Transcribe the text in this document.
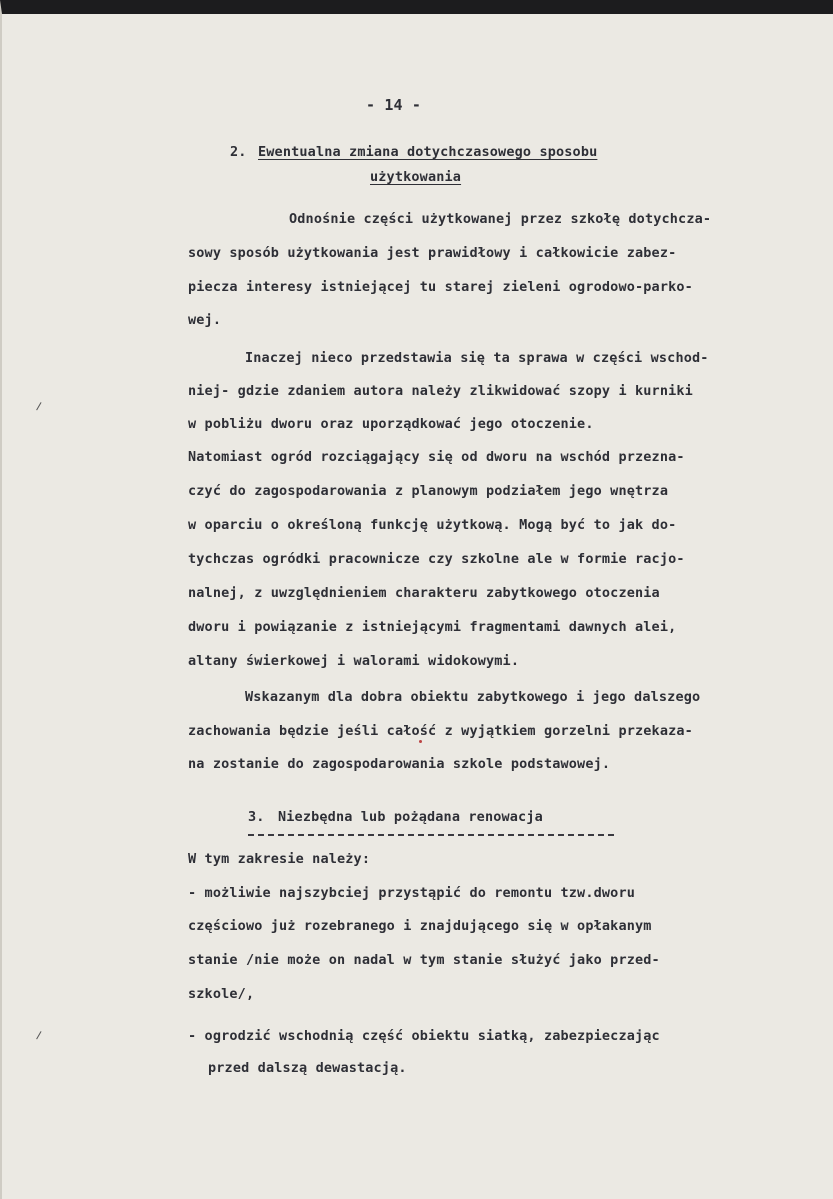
- 14 -
2. Ewentualna zmiana dotychczasowego sposobu
użytkowania
Odnośnie części użytkowanej przez szkołę dotychcza-
sowy sposób użytkowania jest prawidłowy i całkowicie zabez-
piecza interesy istniejącej tu starej zieleni ogrodowo-parko-
wej.
Inaczej nieco przedstawia się ta sprawa w części wschod-
niej- gdzie zdaniem autora należy zlikwidować szopy i kurniki
w pobliżu dworu oraz uporządkować jego otoczenie.
Natomiast ogród rozciągający się od dworu na wschód przezna-
czyć do zagospodarowania z planowym podziałem jego wnętrza
w oparciu o określoną funkcję użytkową. Mogą być to jak do-
tychczas ogródki pracownicze czy szkolne ale w formie racjo-
nalnej, z uwzględnieniem charakteru zabytkowego otoczenia
dworu i powiązanie z istniejącymi fragmentami dawnych alei,
altany świerkowej i walorami widokowymi.
Wskazanym dla dobra obiektu zabytkowego i jego dalszego
zachowania będzie jeśli całość z wyjątkiem gorzelni przekaza-
na zostanie do zagospodarowania szkole podstawowej.
3. Niezbędna lub pożądana renowacja
W tym zakresie należy:
- możliwie najszybciej przystąpić do remontu tzw.dworu
częściowo już rozebranego i znajdującego się w opłakanym
stanie /nie może on nadal w tym stanie służyć jako przed-
szkole/,
- ogrodzić wschodnią część obiektu siatką, zabezpieczając
przed dalszą dewastacją.
